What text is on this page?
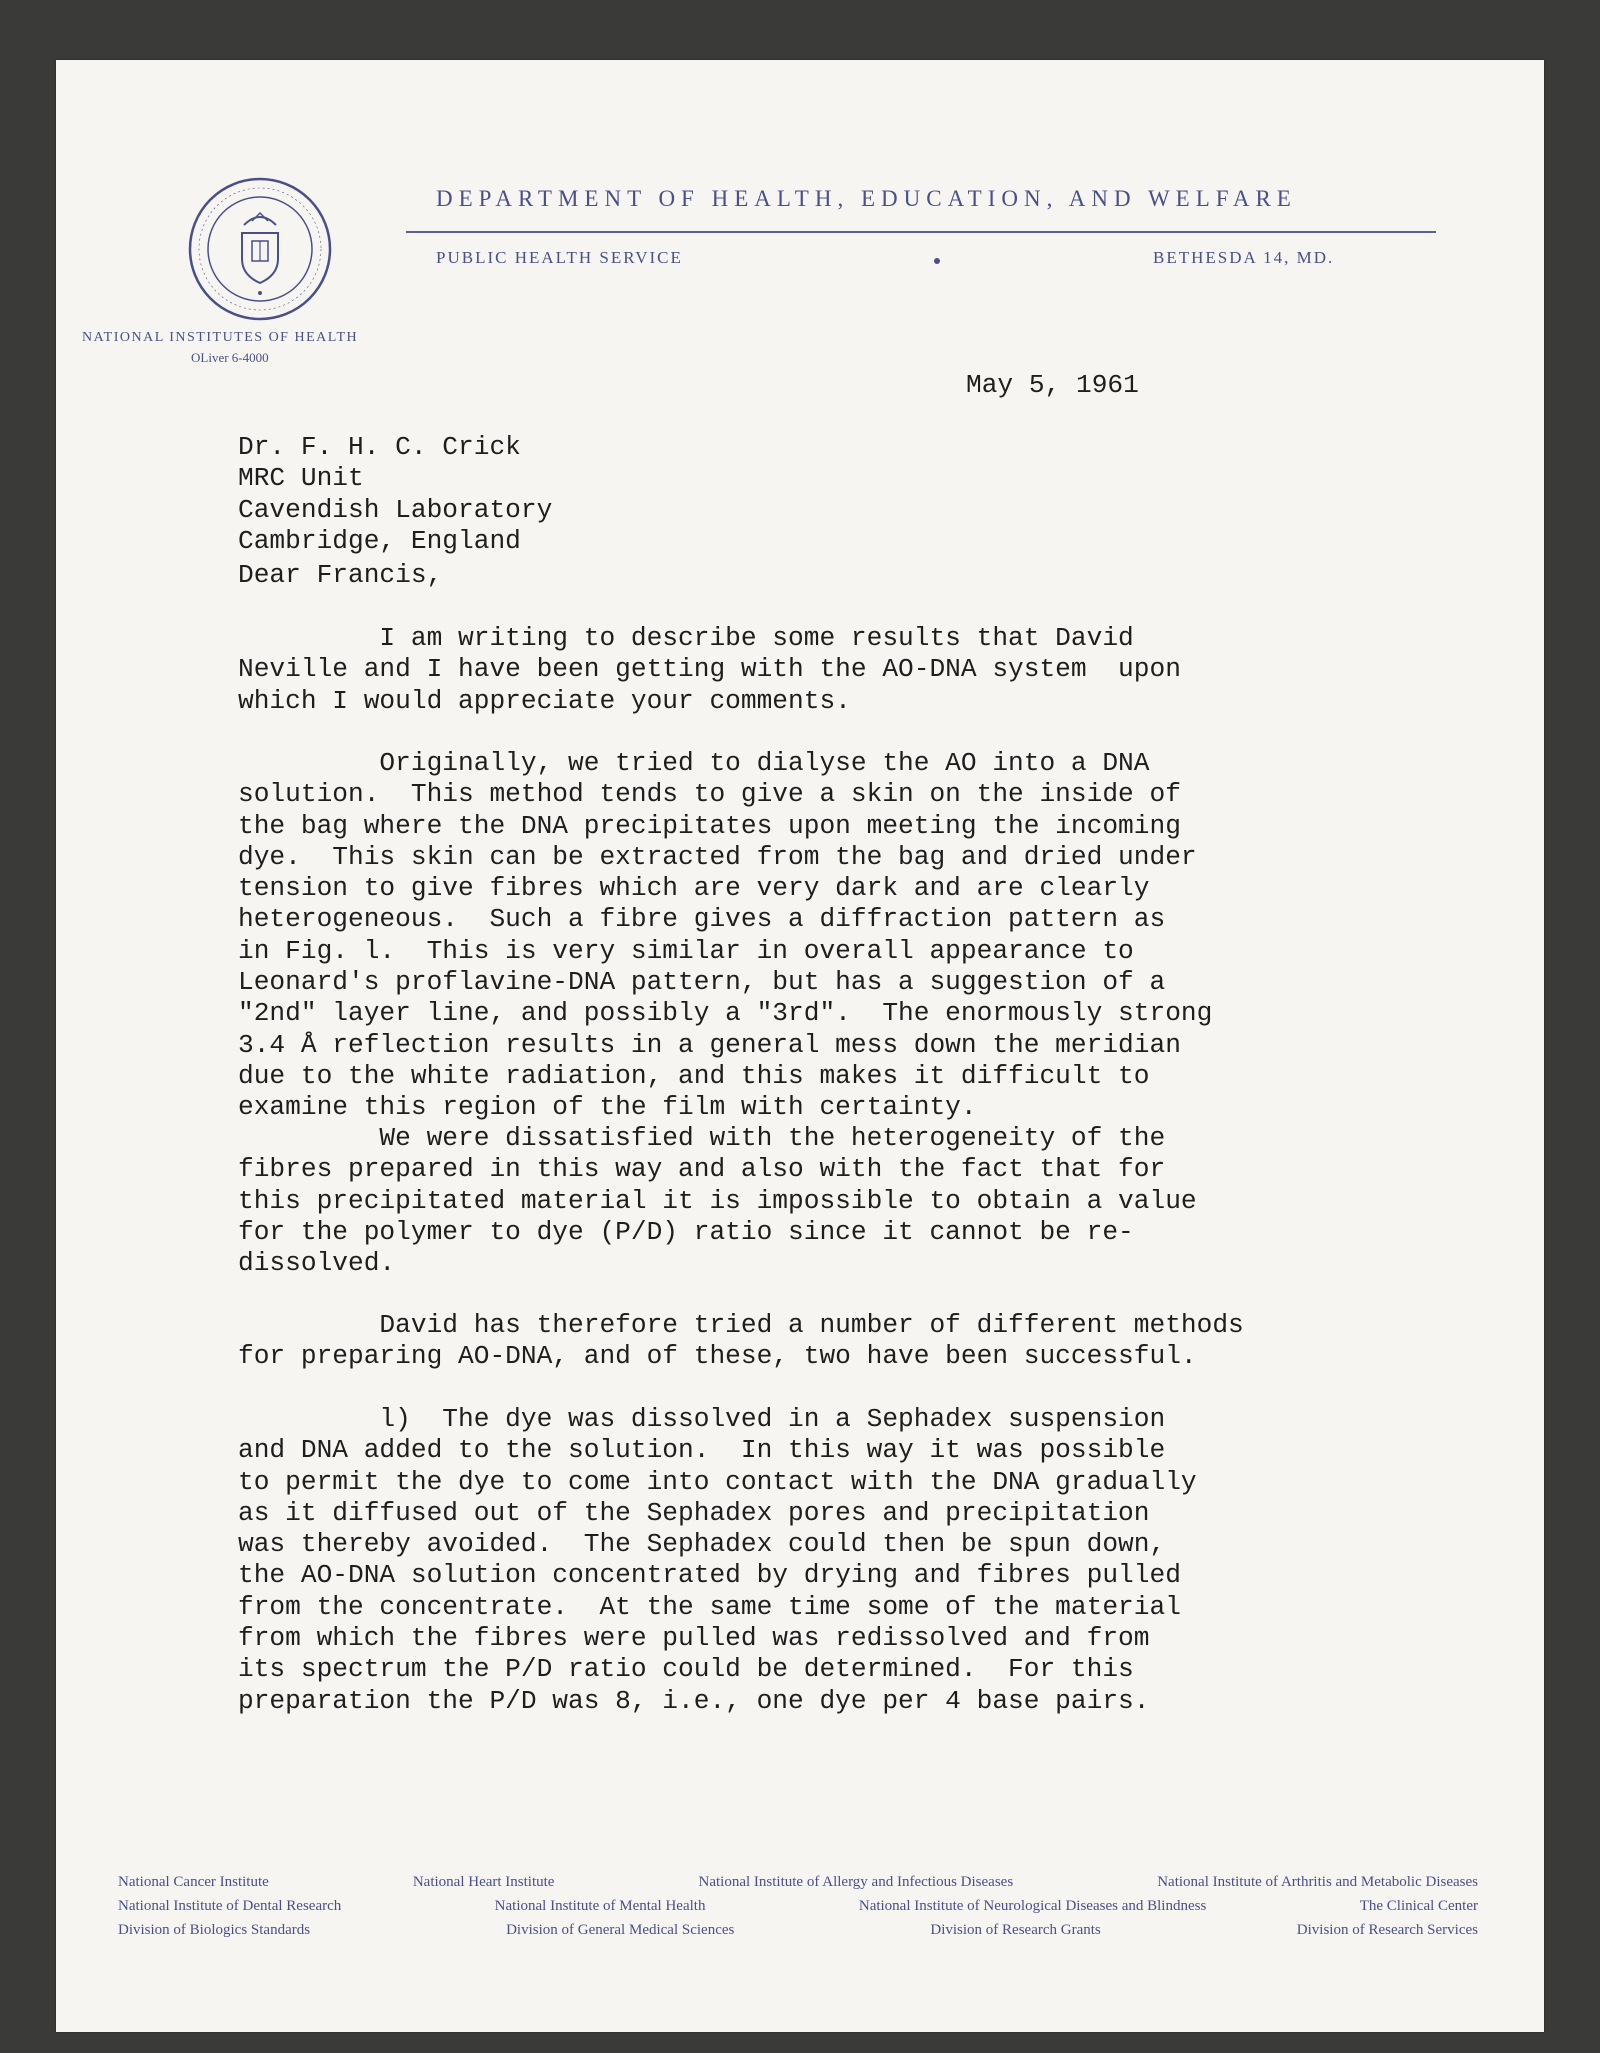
DEPARTMENT OF HEALTH, EDUCATION, AND WELFARE
PUBLIC HEALTH SERVICE	BETHESDA 14, MD.
NATIONAL INSTITUTES OF HEALTH
OLiver 6-4000
May 5, 1961
Dr. F. H. C. Crick
MRC Unit
Cavendish Laboratory
Cambridge, England
Dear Francis,
I am writing to describe some results that David
Neville and I have been getting with the AO-DNA system  upon
which I would appreciate your comments.
Originally, we tried to dialyse the AO into a DNA
solution.  This method tends to give a skin on the inside of
the bag where the DNA precipitates upon meeting the incoming
dye.  This skin can be extracted from the bag and dried under
tension to give fibres which are very dark and are clearly
heterogeneous.  Such a fibre gives a diffraction pattern as
in Fig. l.  This is very similar in overall appearance to
Leonard's proflavine-DNA pattern, but has a suggestion of a
"2nd" layer line, and possibly a "3rd".  The enormously strong
3.4 Å reflection results in a general mess down the meridian
due to the white radiation, and this makes it difficult to
examine this region of the film with certainty.
We were dissatisfied with the heterogeneity of the
fibres prepared in this way and also with the fact that for
this precipitated material it is impossible to obtain a value
for the polymer to dye (P/D) ratio since it cannot be re-
dissolved.
David has therefore tried a number of different methods
for preparing AO-DNA, and of these, two have been successful.
l)  The dye was dissolved in a Sephadex suspension
and DNA added to the solution.  In this way it was possible
to permit the dye to come into contact with the DNA gradually
as it diffused out of the Sephadex pores and precipitation
was thereby avoided.  The Sephadex could then be spun down,
the AO-DNA solution concentrated by drying and fibres pulled
from the concentrate.  At the same time some of the material
from which the fibres were pulled was redissolved and from
its spectrum the P/D ratio could be determined.  For this
preparation the P/D was 8, i.e., one dye per 4 base pairs.
National Cancer Institute	National Heart Institute	National Institute of Allergy and Infectious Diseases	National Institute of Arthritis and Metabolic Diseases
National Institute of Dental Research	National Institute of Mental Health	National Institute of Neurological Diseases and Blindness	The Clinical Center
Division of Biologics Standards	Division of General Medical Sciences	Division of Research Grants	Division of Research Services
